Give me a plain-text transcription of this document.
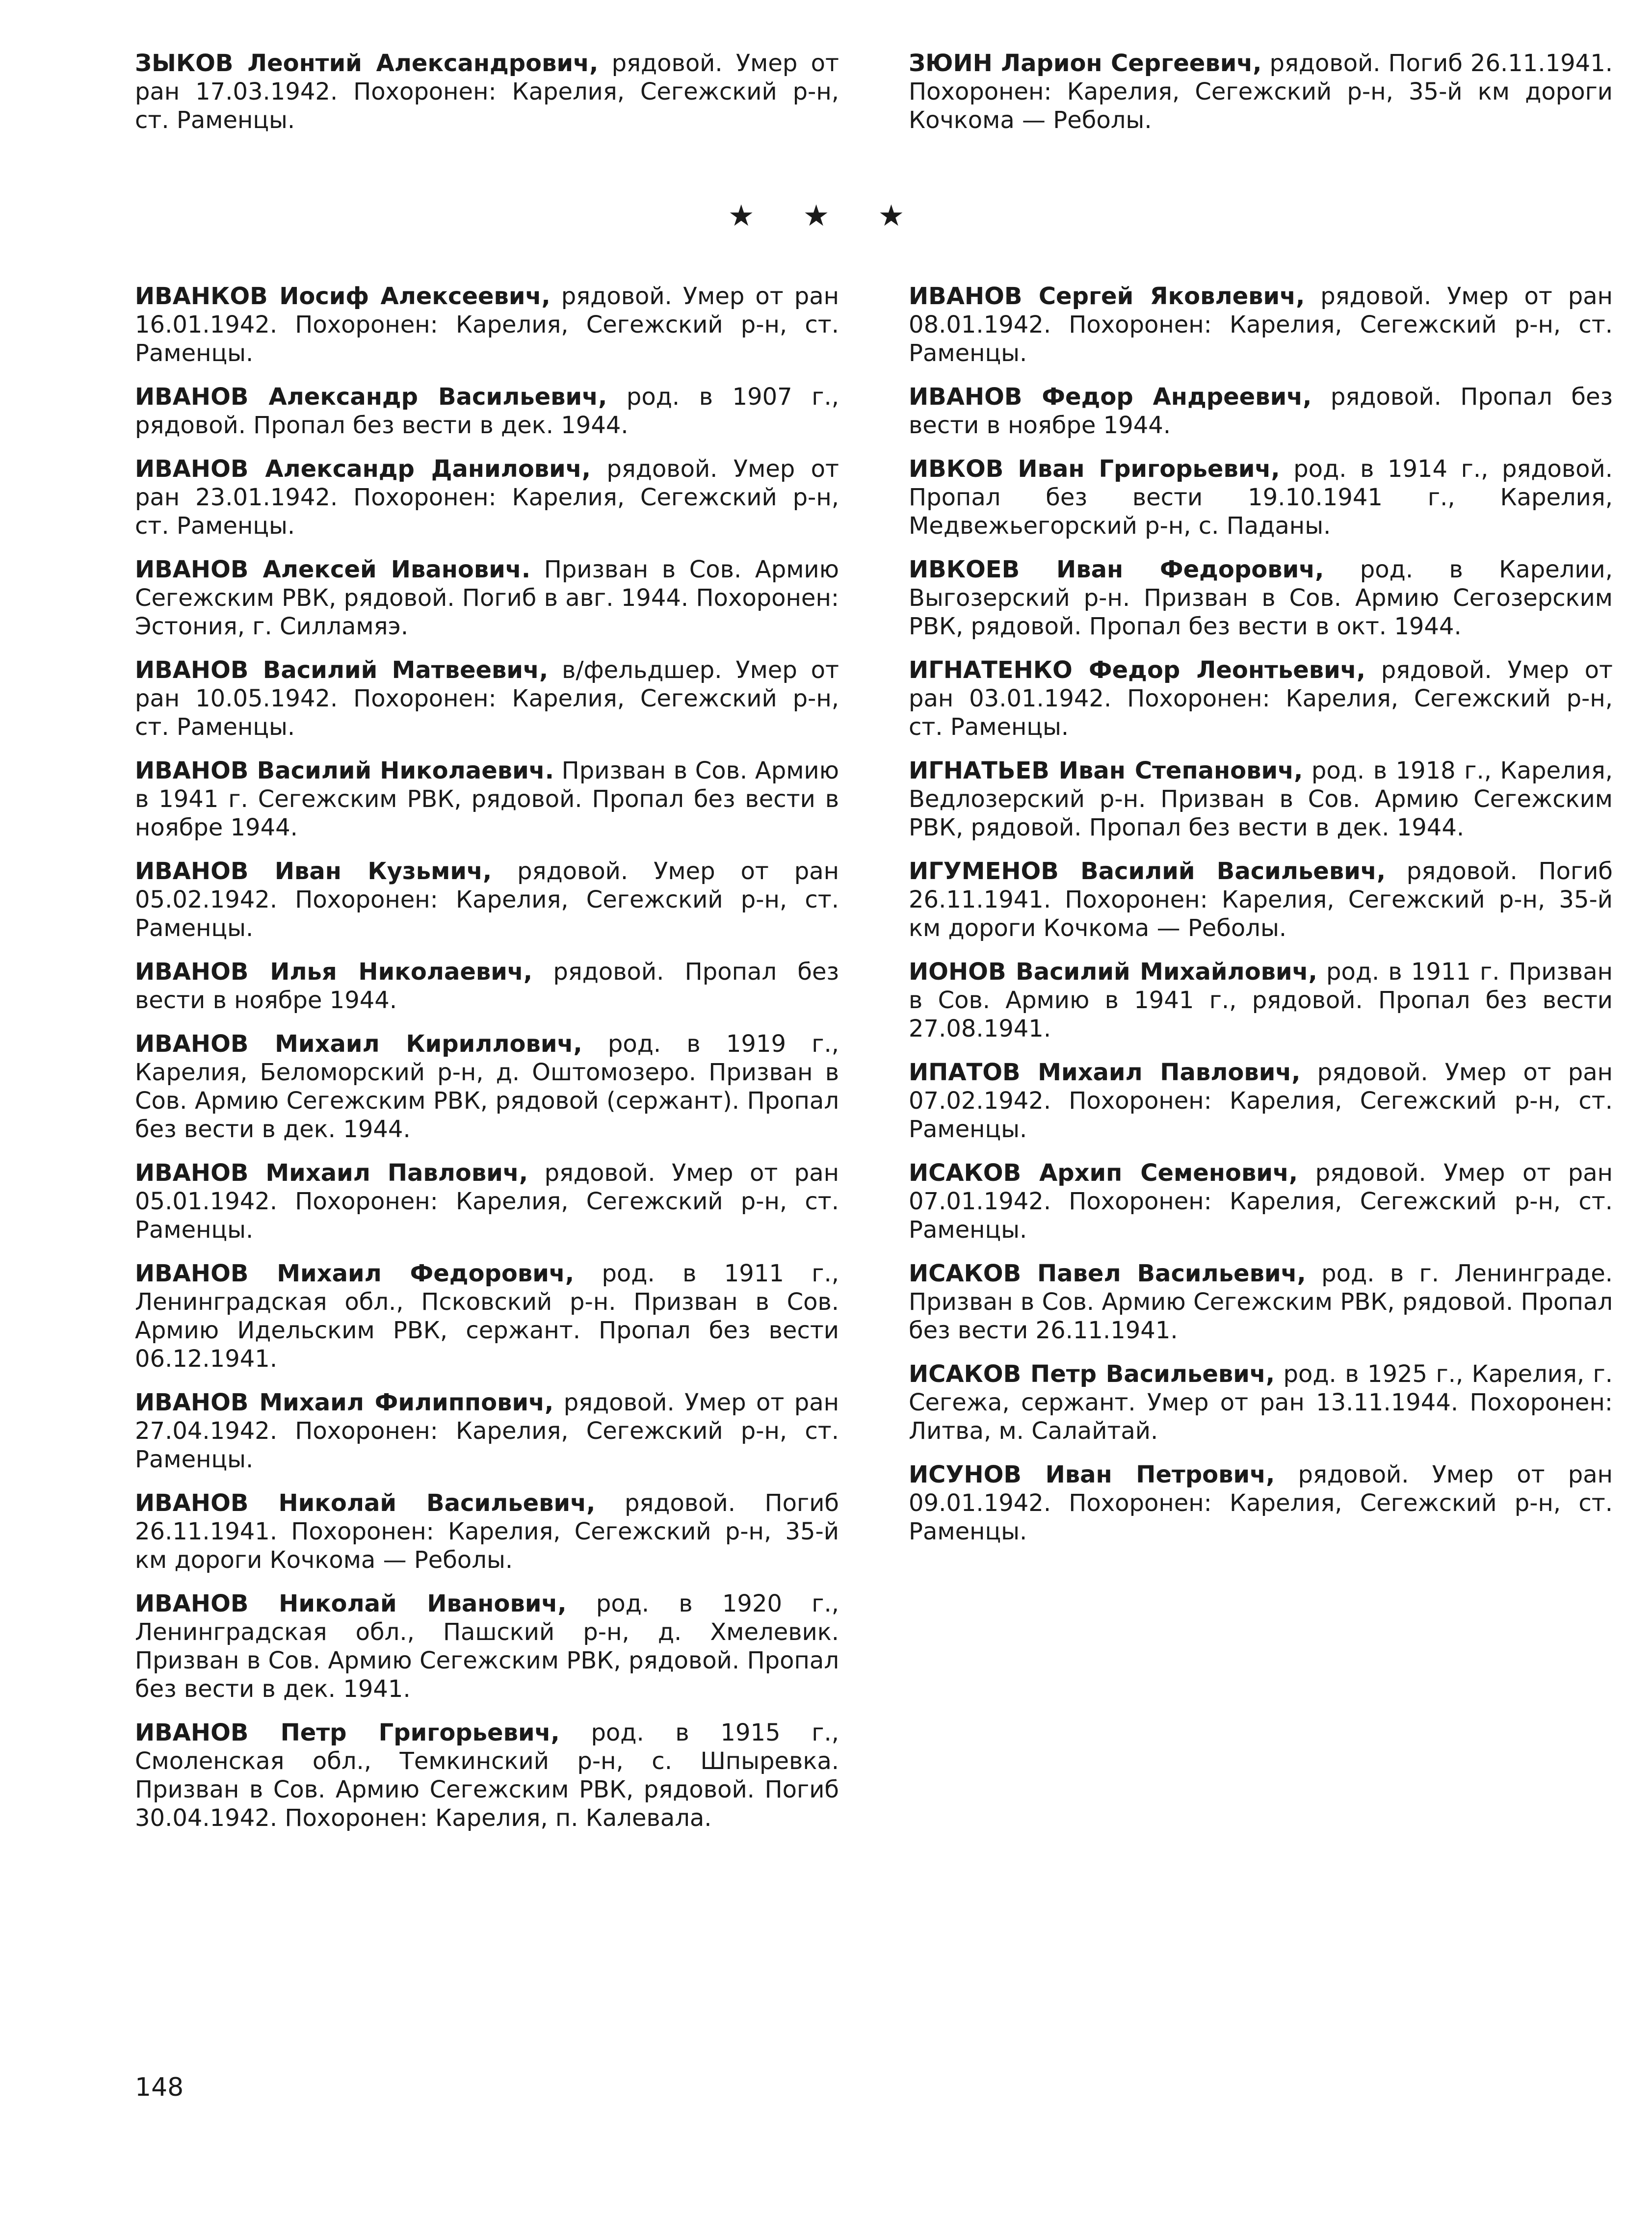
ЗЫКОВ Леонтий Александрович, рядовой. Умер от ран 17.03.1942. Похоронен: Карелия, Сегежский р-н, ст. Раменцы.

ЗЮИН Ларион Сергеевич, рядовой. Погиб 26.11.1941. Похоронен: Карелия, Сегежский р-н, 35-й км дороги Кочкома — Реболы.

★ ★ ★

ИВАНКОВ Иосиф Алексеевич, рядовой. Умер от ран 16.01.1942. Похоронен: Карелия, Сегежский р-н, ст. Раменцы.

ИВАНОВ Александр Васильевич, род. в 1907 г., рядовой. Пропал без вести в дек. 1944.

ИВАНОВ Александр Данилович, рядовой. Умер от ран 23.01.1942. Похоронен: Карелия, Сегежский р-н, ст. Раменцы.

ИВАНОВ Алексей Иванович. Призван в Сов. Армию Сегежским РВК, рядовой. Погиб в авг. 1944. Похоронен: Эстония, г. Силламяэ.

ИВАНОВ Василий Матвеевич, в/фельдшер. Умер от ран 10.05.1942. Похоронен: Карелия, Сегежский р-н, ст. Раменцы.

ИВАНОВ Василий Николаевич. Призван в Сов. Армию в 1941 г. Сегежским РВК, рядовой. Пропал без вести в ноябре 1944.

ИВАНОВ Иван Кузьмич, рядовой. Умер от ран 05.02.1942. Похоронен: Карелия, Сегежский р-н, ст. Раменцы.

ИВАНОВ Илья Николаевич, рядовой. Пропал без вести в ноябре 1944.

ИВАНОВ Михаил Кириллович, род. в 1919 г., Карелия, Беломорский р-н, д. Оштомозеро. Призван в Сов. Армию Сегежским РВК, рядовой (сержант). Пропал без вести в дек. 1944.

ИВАНОВ Михаил Павлович, рядовой. Умер от ран 05.01.1942. Похоронен: Карелия, Сегежский р-н, ст. Раменцы.

ИВАНОВ Михаил Федорович, род. в 1911 г., Ленинградская обл., Псковский р-н. Призван в Сов. Армию Идельским РВК, сержант. Пропал без вести 06.12.1941.

ИВАНОВ Михаил Филиппович, рядовой. Умер от ран 27.04.1942. Похоронен: Карелия, Сегежский р-н, ст. Раменцы.

ИВАНОВ Николай Васильевич, рядовой. Погиб 26.11.1941. Похоронен: Карелия, Сегежский р-н, 35-й км дороги Кочкома — Реболы.

ИВАНОВ Николай Иванович, род. в 1920 г., Ленинградская обл., Пашский р-н, д. Хмелевик. Призван в Сов. Армию Сегежским РВК, рядовой. Пропал без вести в дек. 1941.

ИВАНОВ Петр Григорьевич, род. в 1915 г., Смоленская обл., Темкинский р-н, с. Шпыревка. Призван в Сов. Армию Сегежским РВК, рядовой. Погиб 30.04.1942. Похоронен: Карелия, п. Калевала.

ИВАНОВ Сергей Яковлевич, рядовой. Умер от ран 08.01.1942. Похоронен: Карелия, Сегежский р-н, ст. Раменцы.

ИВАНОВ Федор Андреевич, рядовой. Пропал без вести в ноябре 1944.

ИВКОВ Иван Григорьевич, род. в 1914 г., рядовой. Пропал без вести 19.10.1941 г., Карелия, Медвежьегорский р-н, с. Паданы.

ИВКОЕВ Иван Федорович, род. в Карелии, Выгозерский р-н. Призван в Сов. Армию Сегозерским РВК, рядовой. Пропал без вести в окт. 1944.

ИГНАТЕНКО Федор Леонтьевич, рядовой. Умер от ран 03.01.1942. Похоронен: Карелия, Сегежский р-н, ст. Раменцы.

ИГНАТЬЕВ Иван Степанович, род. в 1918 г., Карелия, Ведлозерский р-н. Призван в Сов. Армию Сегежским РВК, рядовой. Пропал без вести в дек. 1944.

ИГУМЕНОВ Василий Васильевич, рядовой. Погиб 26.11.1941. Похоронен: Карелия, Сегежский р-н, 35-й км дороги Кочкома — Реболы.

ИОНОВ Василий Михайлович, род. в 1911 г. Призван в Сов. Армию в 1941 г., рядовой. Пропал без вести 27.08.1941.

ИПАТОВ Михаил Павлович, рядовой. Умер от ран 07.02.1942. Похоронен: Карелия, Сегежский р-н, ст. Раменцы.

ИСАКОВ Архип Семенович, рядовой. Умер от ран 07.01.1942. Похоронен: Карелия, Сегежский р-н, ст. Раменцы.

ИСАКОВ Павел Васильевич, род. в г. Ленинграде. Призван в Сов. Армию Сегежским РВК, рядовой. Пропал без вести 26.11.1941.

ИСАКОВ Петр Васильевич, род. в 1925 г., Карелия, г. Сегежа, сержант. Умер от ран 13.11.1944. Похоронен: Литва, м. Салайтай.

ИСУНОВ Иван Петрович, рядовой. Умер от ран 09.01.1942. Похоронен: Карелия, Сегежский р-н, ст. Раменцы.

148
